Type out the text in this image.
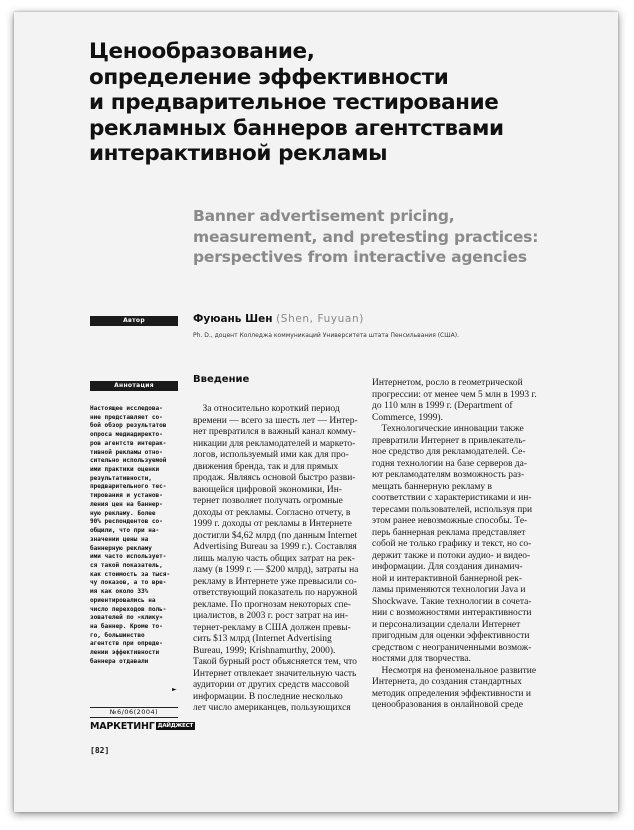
Ценообразование,
определение эффективности
и предварительное тестирование
рекламных баннеров агентствами
интерактивной рекламы
Banner advertisement pricing,
measurement, and pretesting practices:
perspectives from interactive agencies
Автор	Фуюань Шен (Shen, Fuyuan)
Ph. D., доцент Колледжа коммуникаций Университета штата Пенсильвания (США).
Аннотация
Настоящее исследова-
ние представляет со-
бой обзор результатов
опроса медиадиректо-
ров агентств интерак-
тивной рекламы отно-
сительно используемой
ими практики оценки
результативности,
предварительного тес-
тирования и установ-
ления цен на баннер-
ную рекламу. Более
90% респондентов со-
общили, что при на-
значении цены на
баннерную рекламу
ими часто использует-
ся такой показатель,
как стоимость за тыся-
чу показов, а то вре-
мя как около 33%
ориентировались на
число переходов поль-
зователей по «клику»
на баннер. Кроме то-
го, большинство
агентств при опреде-
лении эффективности
баннера отдавали
►
№6/06(2004)
МАРКЕТИНГ ДАЙДЖЕСТ
[82]
Введение
За относительно короткий период
времени — всего за шесть лет — Интер-
нет превратился в важный канал комму-
никации для рекламодателей и маркето-
логов, используемый ими как для про-
движения бренда, так и для прямых
продаж. Являясь основой быстро разви-
вающейся цифровой экономики, Ин-
тернет позволяет получать огромные
доходы от рекламы. Согласно отчету, в
1999 г. доходы от рекламы в Интернете
достигли $4,62 млрд (по данным Internet
Advertising Bureau за 1999 г.). Составляя
лишь малую часть общих затрат на рек-
ламу (в 1999 г. — $200 млрд), затраты на
рекламу в Интернете уже превысили со-
ответствующий показатель по наружной
рекламе. По прогнозам некоторых спе-
циалистов, в 2003 г. рост затрат на ин-
тернет-рекламу в США должен превы-
сить $13 млрд (Internet Advertising
Bureau, 1999; Krishnamurthy, 2000).
Такой бурный рост объясняется тем, что
Интернет отвлекает значительную часть
аудитории от других средств массовой
информации. В последние несколько
лет число американцев, пользующихся
Интернетом, росло в геометрической
прогрессии: от менее чем 5 млн в 1993 г.
до 110 млн в 1999 г. (Department of
Commerce, 1999).
Технологические инновации также
превратили Интернет в привлекатель-
ное средство для рекламодателей. Се-
годня технологии на базе серверов да-
ют рекламодателям возможность раз-
мещать баннерную рекламу в
соответствии с характеристиками и ин-
тересами пользователей, используя при
этом ранее невозможные способы. Те-
перь баннерная реклама представляет
собой не только графику и текст, но со-
держит также и потоки аудио- и видео-
информации. Для создания динамич-
ной и интерактивной баннерной рек-
ламы применяются технологии Java и
Shockwave. Такие технологии в сочета-
нии с возможностями интерактивности
и персонализации сделали Интернет
пригодным для оценки эффективности
средством с неограниченными возмож-
ностями для творчества.
Несмотря на феноменальное развитие
Интернета, до создания стандартных
методик определения эффективности и
ценообразования в онлайновой среде
